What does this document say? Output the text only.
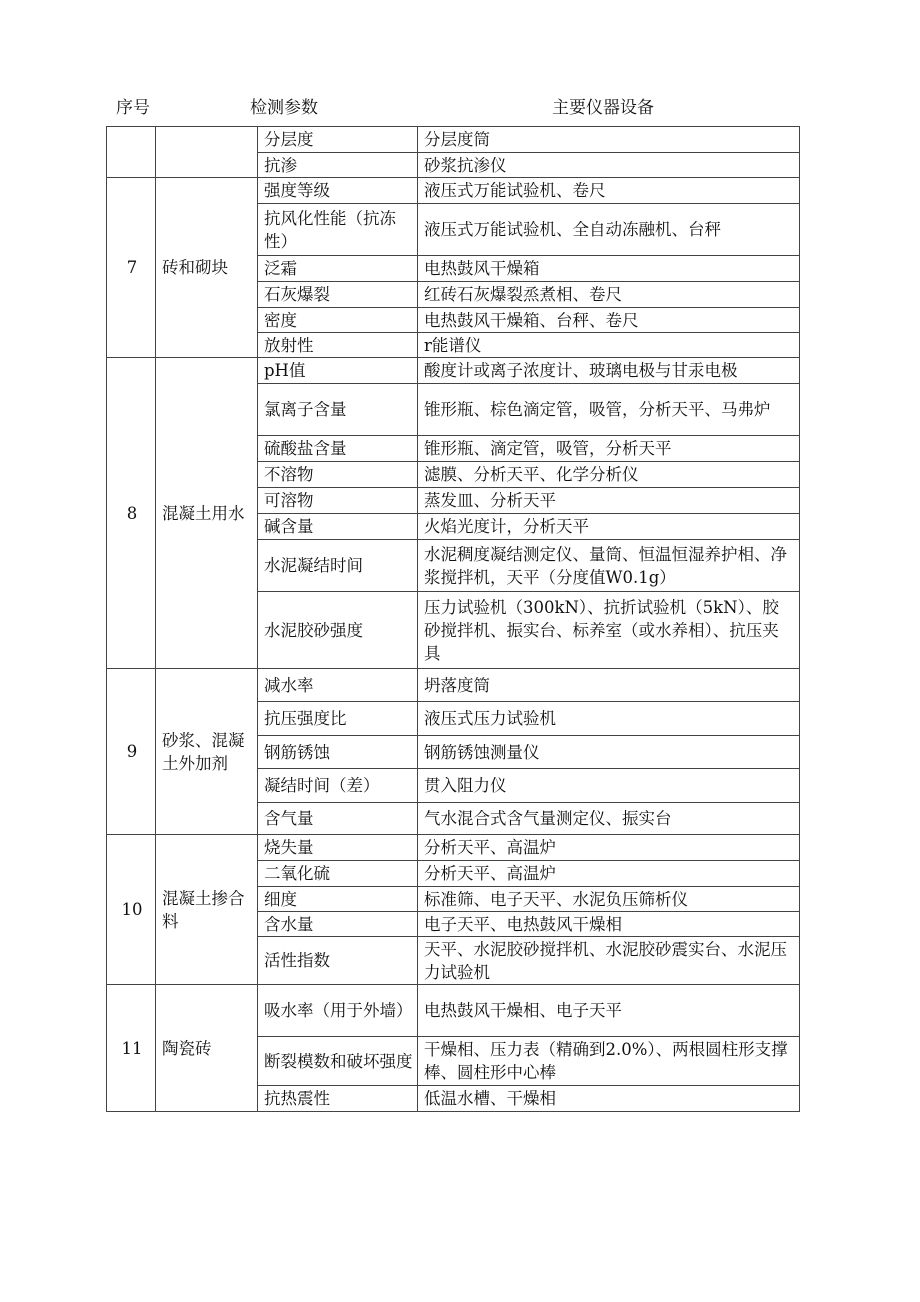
序号	检测参数	主要仪器设备
		分层度	分层度筒
		抗渗	砂浆抗渗仪
7	砖和砌块	强度等级	液压式万能试验机、卷尺
		抗风化性能（抗冻性）	液压式万能试验机、全自动冻融机、台秤
		泛霜	电热鼓风干燥箱
		石灰爆裂	红砖石灰爆裂烝煮相、卷尺
		密度	电热鼓风干燥箱、台秤、卷尺
		放射性	r能谱仪
8	混凝土用水	pH值	酸度计或离子浓度计、玻璃电极与甘汞电极
		氯离子含量	锥形瓶、棕色滴定管，吸管，分析天平、马弗炉
		硫酸盐含量	锥形瓶、滴定管，吸管，分析天平
		不溶物	滤膜、分析天平、化学分析仪
		可溶物	蒸发皿、分析天平
		碱含量	火焰光度计，分析天平
		水泥凝结时间	水泥稠度凝结测定仪、量筒、恒温恒湿养护相、净浆搅拌机，天平（分度值W0.1g）
		水泥胶砂强度	压力试验机（300kN）、抗折试验机（5kN）、胶砂搅拌机、振实台、标养室（或水养相）、抗压夹具
9	砂浆、混凝土外加剂	减水率	坍落度筒
		抗压强度比	液压式压力试验机
		钢筋锈蚀	钢筋锈蚀测量仪
		凝结时间（差）	贯入阻力仪
		含气量	气水混合式含气量测定仪、振实台
10	混凝土掺合料	烧失量	分析天平、高温炉
		二氧化硫	分析天平、高温炉
		细度	标准筛、电子天平、水泥负压筛析仪
		含水量	电子天平、电热鼓风干燥相
		活性指数	天平、水泥胶砂搅拌机、水泥胶砂震实台、水泥压力试验机
11	陶瓷砖	吸水率（用于外墙）	电热鼓风干燥相、电子天平
		断裂模数和破坏强度	干燥相、压力表（精确到2.0%）、两根圆柱形支撑棒、圆柱形中心棒
		抗热震性	低温水槽、干燥相
